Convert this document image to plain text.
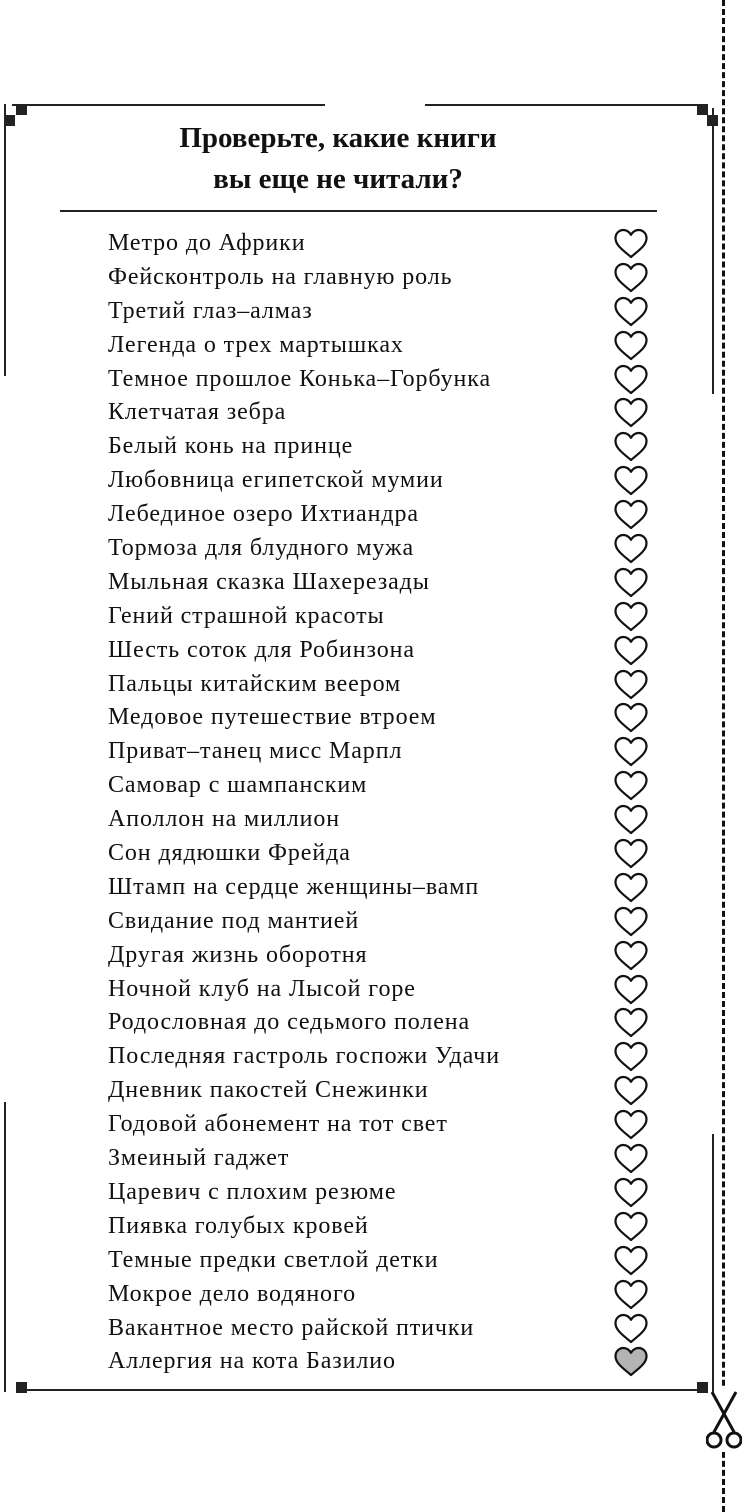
Проверьте, какие книги
вы еще не читали?
Метро до Африки
Фейсконтроль на главную роль
Третий глаз–алмаз
Легенда о трех мартышках
Темное прошлое Конька–Горбунка
Клетчатая зебра
Белый конь на принце
Любовница египетской мумии
Лебединое озеро Ихтиандра
Тормоза для блудного мужа
Мыльная сказка Шахерезады
Гений страшной красоты
Шесть соток для Робинзона
Пальцы китайским веером
Медовое путешествие втроем
Приват–танец мисс Марпл
Самовар с шампанским
Аполлон на миллион
Сон дядюшки Фрейда
Штамп на сердце женщины–вамп
Свидание под мантией
Другая жизнь оборотня
Ночной клуб на Лысой горе
Родословная до седьмого полена
Последняя гастроль госпожи Удачи
Дневник пакостей Снежинки
Годовой абонемент на тот свет
Змеиный гаджет
Царевич с плохим резюме
Пиявка голубых кровей
Темные предки светлой детки
Мокрое дело водяного
Вакантное место райской птички
Аллергия на кота Базилио
